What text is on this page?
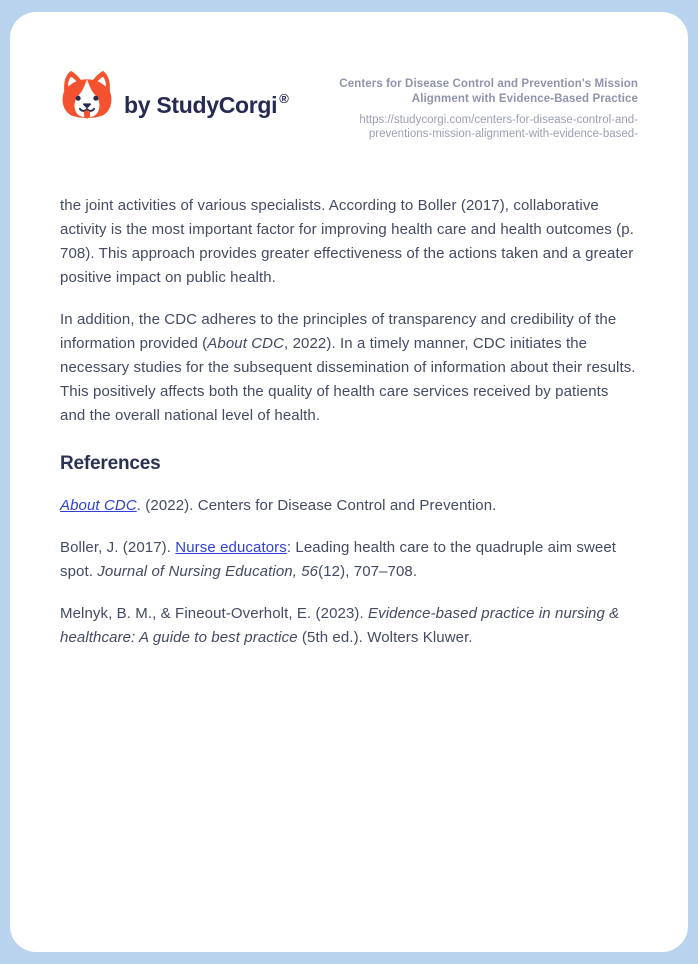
by StudyCorgi ®
Centers for Disease Control and Prevention's Mission Alignment with Evidence-Based Practice
https://studycorgi.com/centers-for-disease-control-and-preventions-mission-alignment-with-evidence-based-

the joint activities of various specialists. According to Boller (2017), collaborative activity is the most important factor for improving health care and health outcomes (p. 708). This approach provides greater effectiveness of the actions taken and a greater positive impact on public health.

In addition, the CDC adheres to the principles of transparency and credibility of the information provided (About CDC, 2022). In a timely manner, CDC initiates the necessary studies for the subsequent dissemination of information about their results. This positively affects both the quality of health care services received by patients and the overall national level of health.

References

About CDC. (2022). Centers for Disease Control and Prevention.

Boller, J. (2017). Nurse educators: Leading health care to the quadruple aim sweet spot. Journal of Nursing Education, 56(12), 707–708.

Melnyk, B. M., & Fineout-Overholt, E. (2023). Evidence-based practice in nursing & healthcare: A guide to best practice (5th ed.). Wolters Kluwer.
